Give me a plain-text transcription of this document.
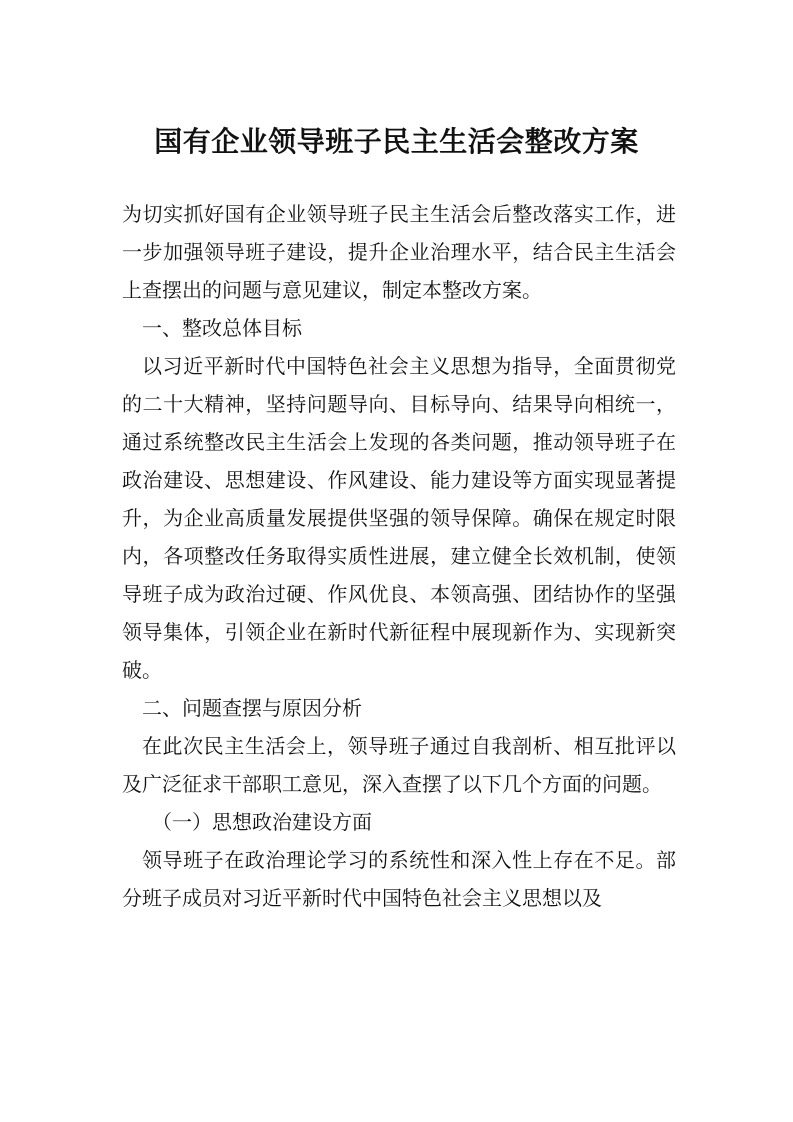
国有企业领导班子民主生活会整改方案

为切实抓好国有企业领导班子民主生活会后整改落实工作，进一步加强领导班子建设，提升企业治理水平，结合民主生活会上查摆出的问题与意见建议，制定本整改方案。

一、整改总体目标

以习近平新时代中国特色社会主义思想为指导，全面贯彻党的二十大精神，坚持问题导向、目标导向、结果导向相统一，通过系统整改民主生活会上发现的各类问题，推动领导班子在政治建设、思想建设、作风建设、能力建设等方面实现显著提升，为企业高质量发展提供坚强的领导保障。确保在规定时限内，各项整改任务取得实质性进展，建立健全长效机制，使领导班子成为政治过硬、作风优良、本领高强、团结协作的坚强领导集体，引领企业在新时代新征程中展现新作为、实现新突破。

二、问题查摆与原因分析

在此次民主生活会上，领导班子通过自我剖析、相互批评以及广泛征求干部职工意见，深入查摆了以下几个方面的问题。

（一）思想政治建设方面

领导班子在政治理论学习的系统性和深入性上存在不足。部分班子成员对习近平新时代中国特色社会主义思想以及
